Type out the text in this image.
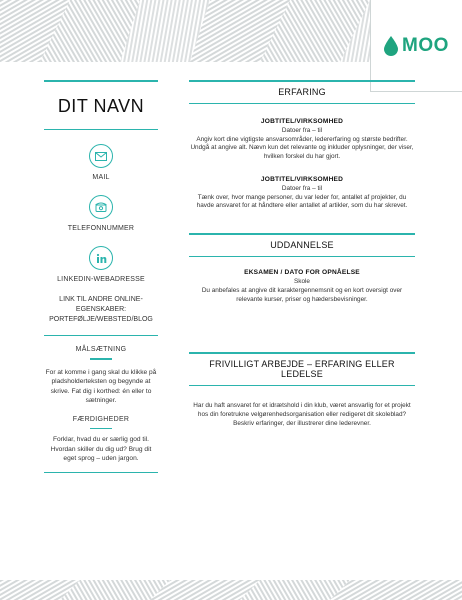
MOO
DIT NAVN
MAIL
TELEFONNUMMER
LINKEDIN-WEBADRESSE
LINK TIL ANDRE ONLINE-EGENSKABER: PORTEFØLJE/WEBSTED/BLOG
MÅLSÆTNING
For at komme i gang skal du klikke på pladsholderteksten og begynde at skrive. Fat dig i korthed: én eller to sætninger.
FÆRDIGHEDER
Forklar, hvad du er særlig god til. Hvordan skiller du dig ud? Brug dit eget sprog – uden jargon.
ERFARING
JOBTITEL/VIRKSOMHED
Datoer fra – til
Angiv kort dine vigtigste ansvarsområder, ledererfaring og største bedrifter. Undgå at angive alt. Nævn kun det relevante og inkluder oplysninger, der viser, hvilken forskel du har gjort.
JOBTITEL/VIRKSOMHED
Datoer fra – til
Tænk over, hvor mange personer, du var leder for, antallet af projekter, du havde ansvaret for at håndtere eller antallet af artikler, som du har skrevet.
UDDANNELSE
EKSAMEN / DATO FOR OPNÅELSE
Skole
Du anbefales at angive dit karaktergennemsnit og en kort oversigt over relevante kurser, priser og hædersbevisninger.
FRIVILLIGT ARBEJDE – ERFARING ELLER LEDELSE
Har du haft ansvaret for et idrætshold i din klub, været ansvarlig for et projekt hos din foretrukne velgørenhedsorganisation eller redigeret dit skoleblad? Beskriv erfaringer, der illustrerer dine lederevner.
